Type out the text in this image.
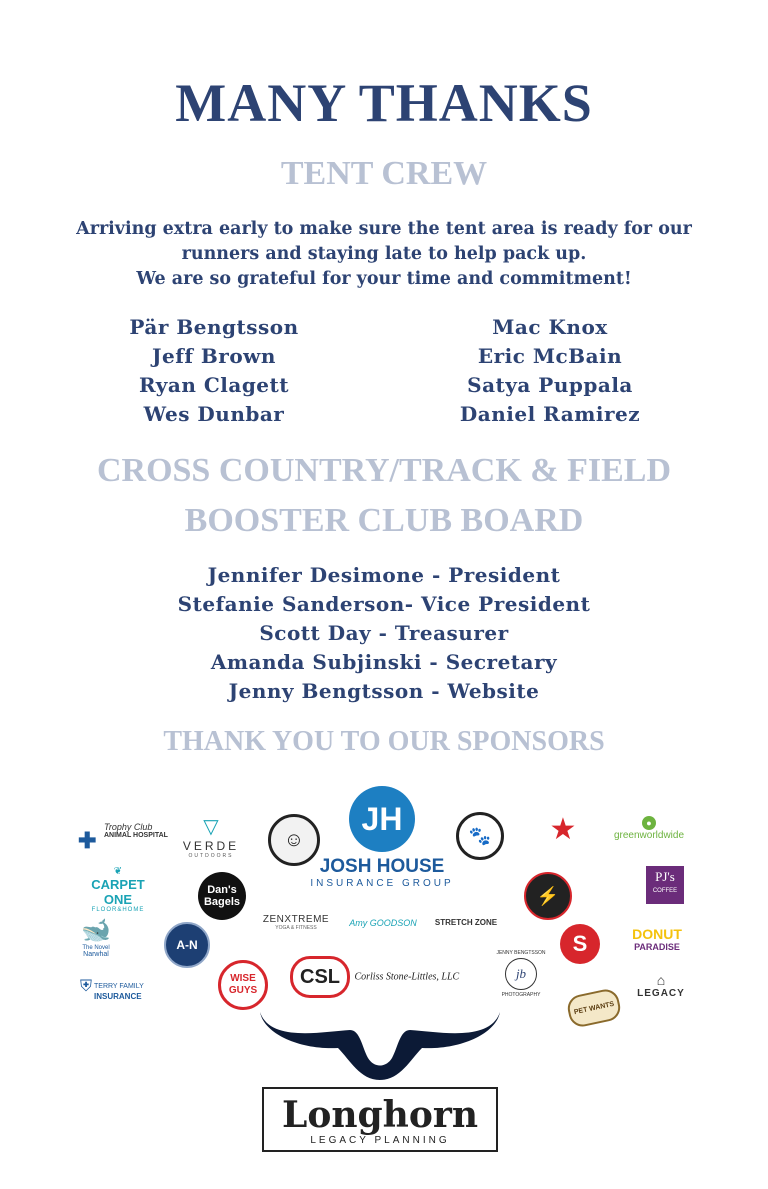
MANY THANKS
TENT CREW
Arriving extra early to make sure the tent area is ready for our
runners and staying late to help pack up.
We are so grateful for your time and commitment!
Pär Bengtsson
Jeff Brown
Ryan Clagett
Wes Dunbar
Mac Knox
Eric McBain
Satya Puppala
Daniel Ramirez
CROSS COUNTRY/TRACK & FIELD
BOOSTER CLUB BOARD
Jennifer Desimone - President
Stefanie Sanderson- Vice President
Scott Day - Treasurer
Amanda Subjinski - Secretary
Jenny Bengtsson - Website
THANK YOU TO OUR SPONSORS
✚
Trophy Club
ANIMAL HOSPITAL	▽
VERDE
OUTDOORS
☺
JH
JOSH HOUSE
INSURANCE GROUP
🐾	★	●
greenworldwide
❦
CARPET ONE
FLOOR&HOME
Dan's
Bagels	⚡
PJ's
COFFEE
ZENXTREME
YOGA & FITNESS	Amy GOODSON	STRETCH ZONE
🐋
The Novel
Narwhal
A-N	S	DONUT
PARADISE
⛨ TERRY FAMILY
INSURANCE
WISE
GUYS
CSL Corliss Stone-Littles, LLC
JENNY BENGTSSON
jb
PHOTOGRAPHY
PET WANTS
⌂
LEGACY
Longhorn
LEGACY PLANNING
